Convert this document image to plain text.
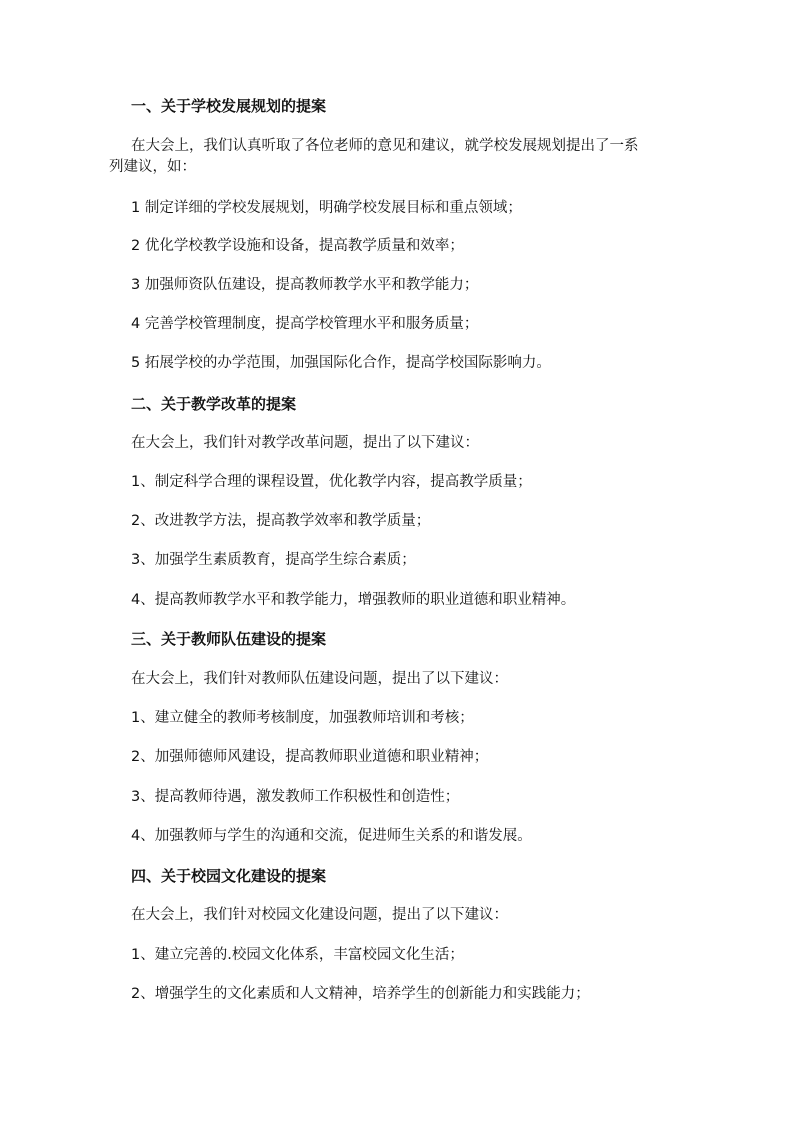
一、关于学校发展规划的提案
在大会上，我们认真听取了各位老师的意见和建议，就学校发展规划提出了一系
列建议，如：
1 制定详细的学校发展规划，明确学校发展目标和重点领域；
2 优化学校教学设施和设备，提高教学质量和效率；
3 加强师资队伍建设，提高教师教学水平和教学能力；
4 完善学校管理制度，提高学校管理水平和服务质量；
5 拓展学校的办学范围，加强国际化合作，提高学校国际影响力。
二、关于教学改革的提案
在大会上，我们针对教学改革问题，提出了以下建议：
1、制定科学合理的课程设置，优化教学内容，提高教学质量；
2、改进教学方法，提高教学效率和教学质量；
3、加强学生素质教育，提高学生综合素质；
4、提高教师教学水平和教学能力，增强教师的职业道德和职业精神。
三、关于教师队伍建设的提案
在大会上，我们针对教师队伍建设问题，提出了以下建议：
1、建立健全的教师考核制度，加强教师培训和考核；
2、加强师德师风建设，提高教师职业道德和职业精神；
3、提高教师待遇，激发教师工作积极性和创造性；
4、加强教师与学生的沟通和交流，促进师生关系的和谐发展。
四、关于校园文化建设的提案
在大会上，我们针对校园文化建设问题，提出了以下建议：
1、建立完善的.校园文化体系，丰富校园文化生活；
2、增强学生的文化素质和人文精神，培养学生的创新能力和实践能力；
